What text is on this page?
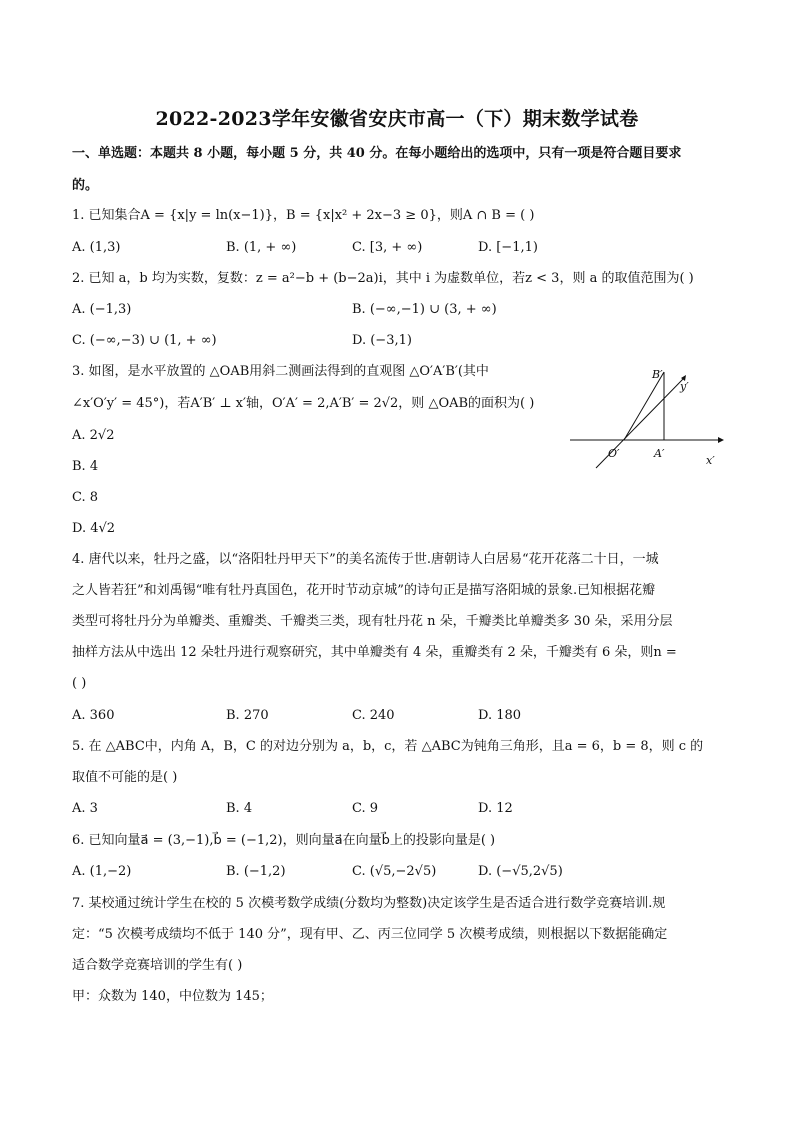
2022-2023学年安徽省安庆市高一（下）期末数学试卷
一、单选题：本题共 8 小题，每小题 5 分，共 40 分。在每小题给出的选项中，只有一项是符合题目要求
的。
1. 已知集合A = {x|y = ln(x−1)}，B = {x|x² + 2x−3 ≥ 0}，则A ∩ B = ( )
A. (1,3)	B. (1, + ∞)	C. [3, + ∞)	D. [−1,1)
2. 已知 a，b 均为实数，复数：z = a²−b + (b−2a)i，其中 i 为虚数单位，若z < 3，则 a 的取值范围为( )
A. (−1,3)	B. (−∞,−1) ∪ (3, + ∞)
C. (−∞,−3) ∪ (1, + ∞)	D. (−3,1)
3. 如图，是水平放置的 △OAB用斜二测画法得到的直观图 △O′A′B′(其中
∠x′O′y′ = 45°)，若A′B′ ⊥ x′轴，O′A′ = 2,A′B′ = 2√2，则 △OAB的面积为( )
A. 2√2
B. 4
C. 8
D. 4√2
B′
y′
O′	A′
x′
4. 唐代以来，牡丹之盛，以“洛阳牡丹甲天下”的美名流传于世.唐朝诗人白居易“花开花落二十日，一城
之人皆若狂”和刘禹锡“唯有牡丹真国色，花开时节动京城”的诗句正是描写洛阳城的景象.已知根据花瓣
类型可将牡丹分为单瓣类、重瓣类、千瓣类三类，现有牡丹花 n 朵，千瓣类比单瓣类多 30 朵，采用分层
抽样方法从中选出 12 朵牡丹进行观察研究，其中单瓣类有 4 朵，重瓣类有 2 朵，千瓣类有 6 朵，则n =
( )
A. 360	B. 270	C. 240	D. 180
5. 在 △ABC中，内角 A，B，C 的对边分别为 a，b，c，若 △ABC为钝角三角形，且a = 6，b = 8，则 c 的
取值不可能的是( )
A. 3	B. 4	C. 9	D. 12
6. 已知向量a⃗ = (3,−1),b⃗ = (−1,2)，则向量a⃗在向量b⃗上的投影向量是( )
A. (1,−2)	B. (−1,2)	C. (√5,−2√5)	D. (−√5,2√5)
7. 某校通过统计学生在校的 5 次模考数学成绩(分数均为整数)决定该学生是否适合进行数学竞赛培训.规
定：“5 次模考成绩均不低于 140 分”，现有甲、乙、丙三位同学 5 次模考成绩，则根据以下数据能确定
适合数学竞赛培训的学生有( )
甲：众数为 140，中位数为 145；
